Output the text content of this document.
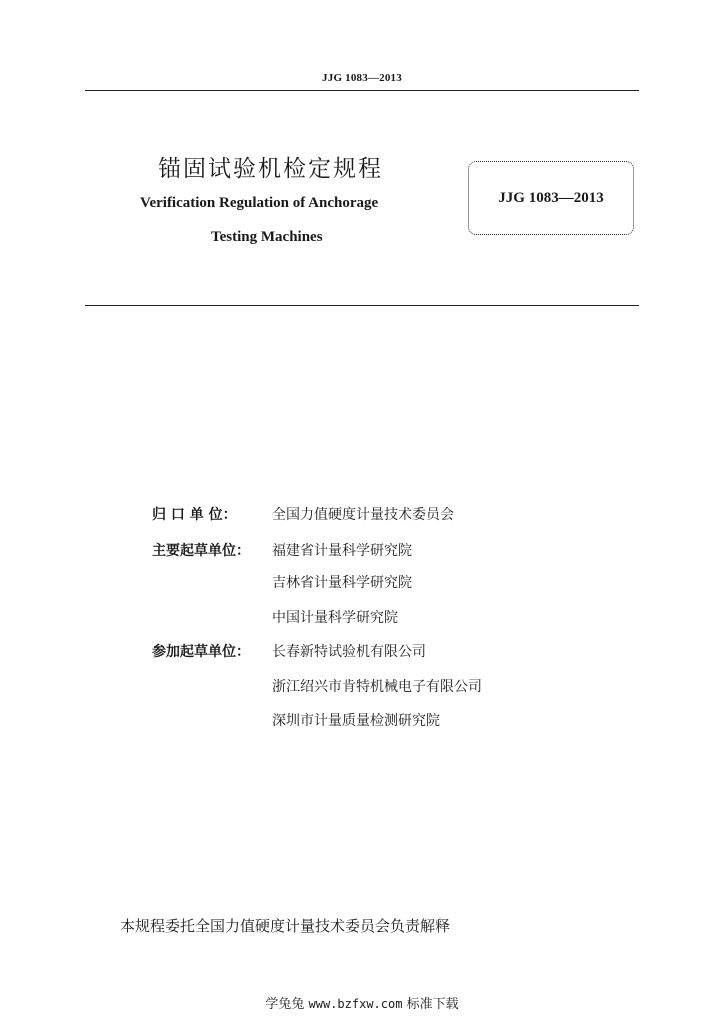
JJG 1083—2013
锚固试验机检定规程
Verification Regulation of Anchorage
Testing Machines
JJG 1083—2013
归 口 单 位：	全国力值硬度计量技术委员会
主要起草单位： 福建省计量科学研究院
吉林省计量科学研究院
中国计量科学研究院
参加起草单位： 长春新特试验机有限公司
浙江绍兴市肯特机械电子有限公司
深圳市计量质量检测研究院
本规程委托全国力值硬度计量技术委员会负责解释
学兔兔 www.bzfxw.com 标准下载
